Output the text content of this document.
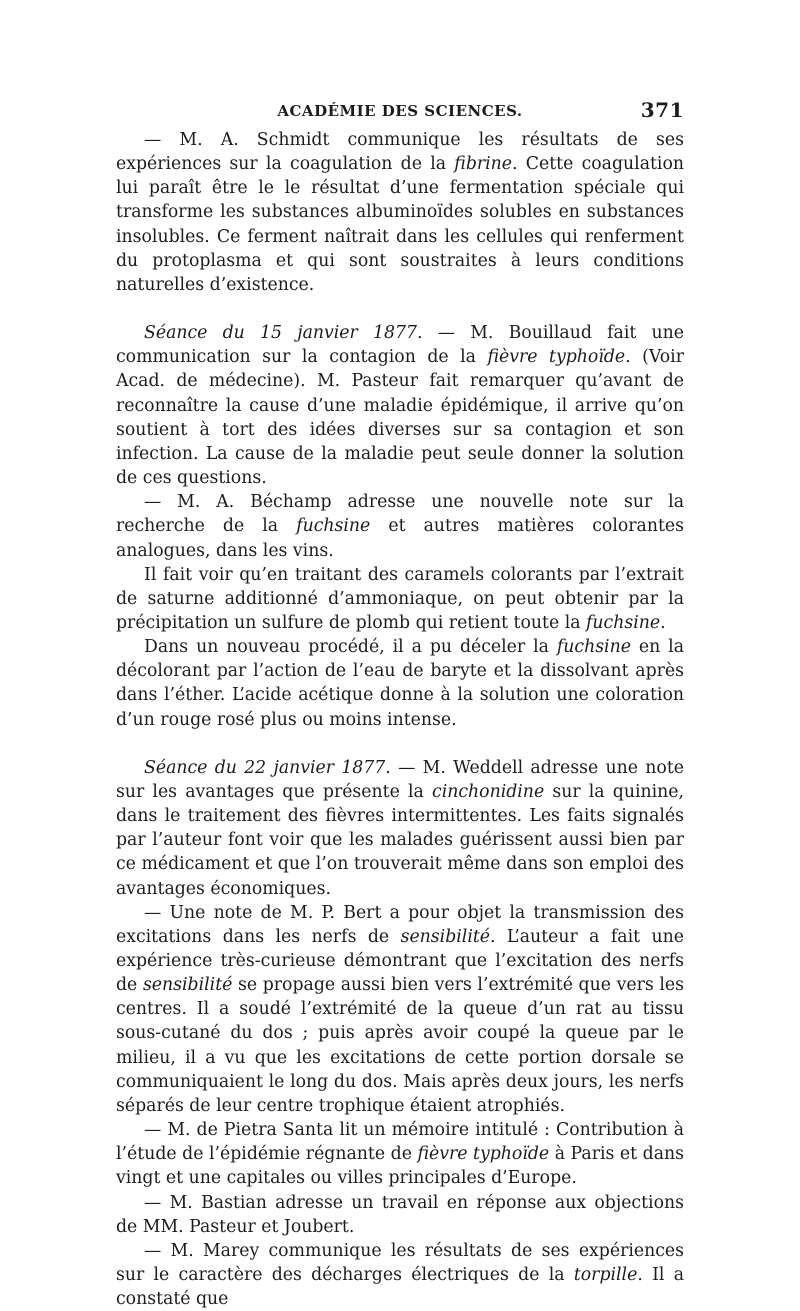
ACADÉMIE DES SCIENCES.	371

— M. A. Schmidt communique les résultats de ses expériences sur la coagulation de la fibrine. Cette coagulation lui paraît être le le résultat d’une fermentation spéciale qui transforme les substances albuminoïdes solubles en substances insolubles. Ce ferment naîtrait dans les cellules qui renferment du protoplasma et qui sont soustraites à leurs conditions naturelles d’existence.

Séance du 15 janvier 1877. — M. Bouillaud fait une communication sur la contagion de la fièvre typhoïde. (Voir Acad. de médecine). M. Pasteur fait remarquer qu’avant de reconnaître la cause d’une maladie épidémique, il arrive qu’on soutient à tort des idées diverses sur sa contagion et son infection. La cause de la maladie peut seule donner la solution de ces questions.

— M. A. Béchamp adresse une nouvelle note sur la recherche de la fuchsine et autres matières colorantes analogues, dans les vins.

Il fait voir qu’en traitant des caramels colorants par l’extrait de saturne additionné d’ammoniaque, on peut obtenir par la précipitation un sulfure de plomb qui retient toute la fuchsine.

Dans un nouveau procédé, il a pu déceler la fuchsine en la décolorant par l’action de l’eau de baryte et la dissolvant après dans l’éther. L’acide acétique donne à la solution une coloration d’un rouge rosé plus ou moins intense.

Séance du 22 janvier 1877. — M. Weddell adresse une note sur les avantages que présente la cinchonidine sur la quinine, dans le traitement des fièvres intermittentes. Les faits signalés par l’auteur font voir que les malades guérissent aussi bien par ce médicament et que l’on trouverait même dans son emploi des avantages économiques.

— Une note de M. P. Bert a pour objet la transmission des excitations dans les nerfs de sensibilité. L’auteur a fait une expérience très-curieuse démontrant que l’excitation des nerfs de sensibilité se propage aussi bien vers l’extrémité que vers les centres. Il a soudé l’extrémité de la queue d’un rat au tissu sous-cutané du dos ; puis après avoir coupé la queue par le milieu, il a vu que les excitations de cette portion dorsale se communiquaient le long du dos. Mais après deux jours, les nerfs séparés de leur centre trophique étaient atrophiés.

— M. de Pietra Santa lit un mémoire intitulé : Contribution à l’étude de l’épidémie régnante de fièvre typhoïde à Paris et dans vingt et une capitales ou villes principales d’Europe.

— M. Bastian adresse un travail en réponse aux objections de MM. Pasteur et Joubert.

— M. Marey communique les résultats de ses expériences sur le caractère des décharges électriques de la torpille. Il a constaté que
